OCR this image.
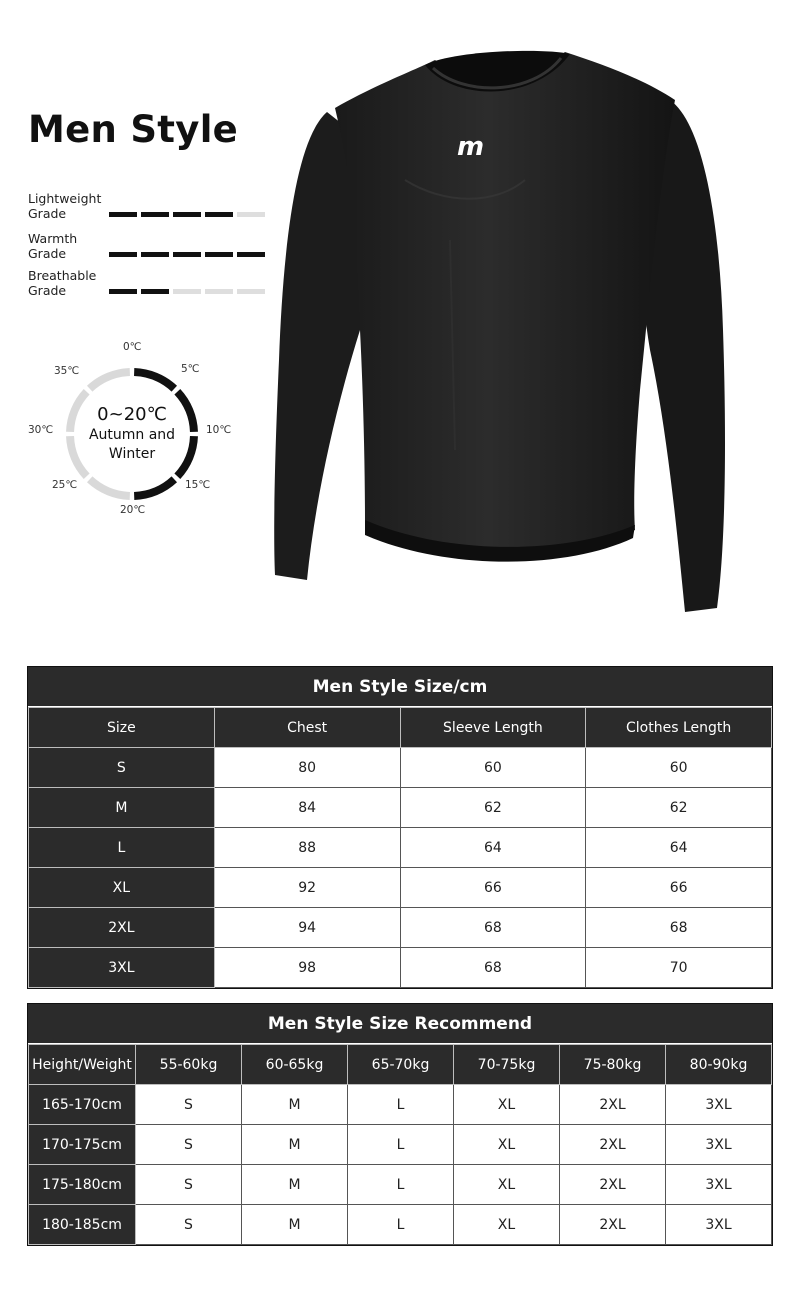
Men Style
Lightweight Grade
Warmth Grade
Breathable Grade
0℃
5℃
10℃
15℃
20℃
25℃
30℃
35℃
0~20℃
Autumn and Winter
m
Men Style Size/cm
Size	Chest	Sleeve Length	Clothes Length
S	80	60	60
M	84	62	62
L	88	64	64
XL	92	66	66
2XL	94	68	68
3XL	98	68	70
Men Style Size Recommend
Height/Weight	55-60kg	60-65kg	65-70kg	70-75kg	75-80kg	80-90kg
165-170cm	S	M	L	XL	2XL	3XL
170-175cm	S	M	L	XL	2XL	3XL
175-180cm	S	M	L	XL	2XL	3XL
180-185cm	S	M	L	XL	2XL	3XL
